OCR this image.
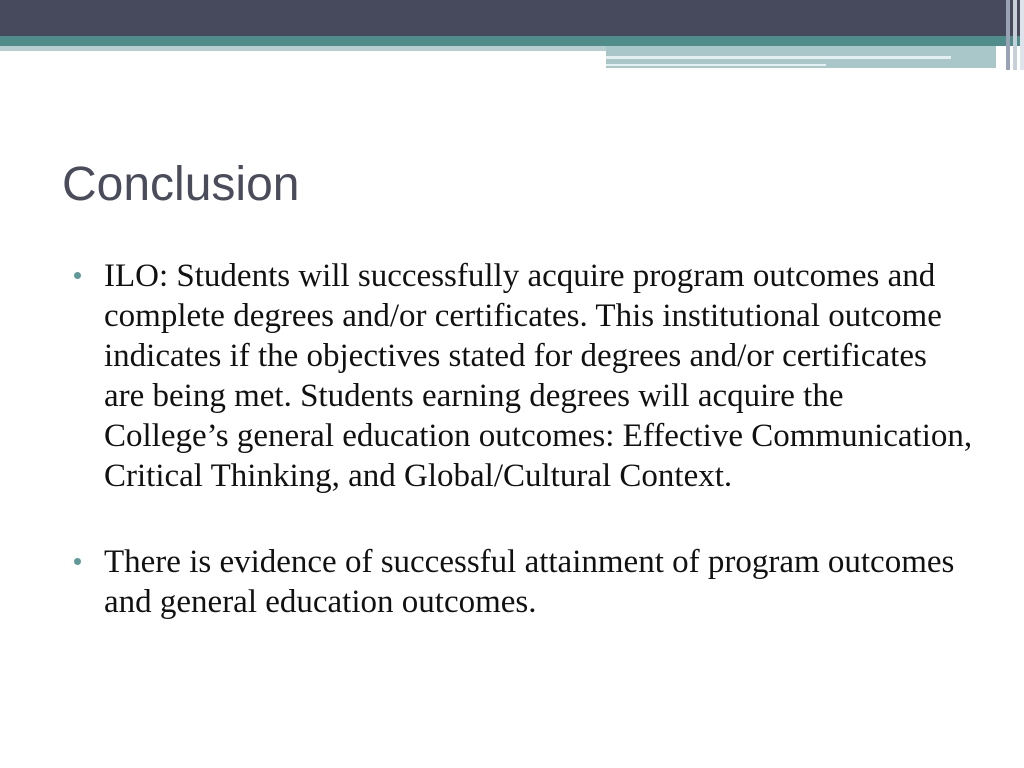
Conclusion
ILO: Students will successfully acquire program outcomes and complete degrees and/or certificates. This institutional outcome indicates if the objectives stated for degrees and/or certificates are being met. Students earning degrees will acquire the College’s general education outcomes: Effective Communication, Critical Thinking, and Global/Cultural Context.
There is evidence of successful attainment of program outcomes and general education outcomes.
